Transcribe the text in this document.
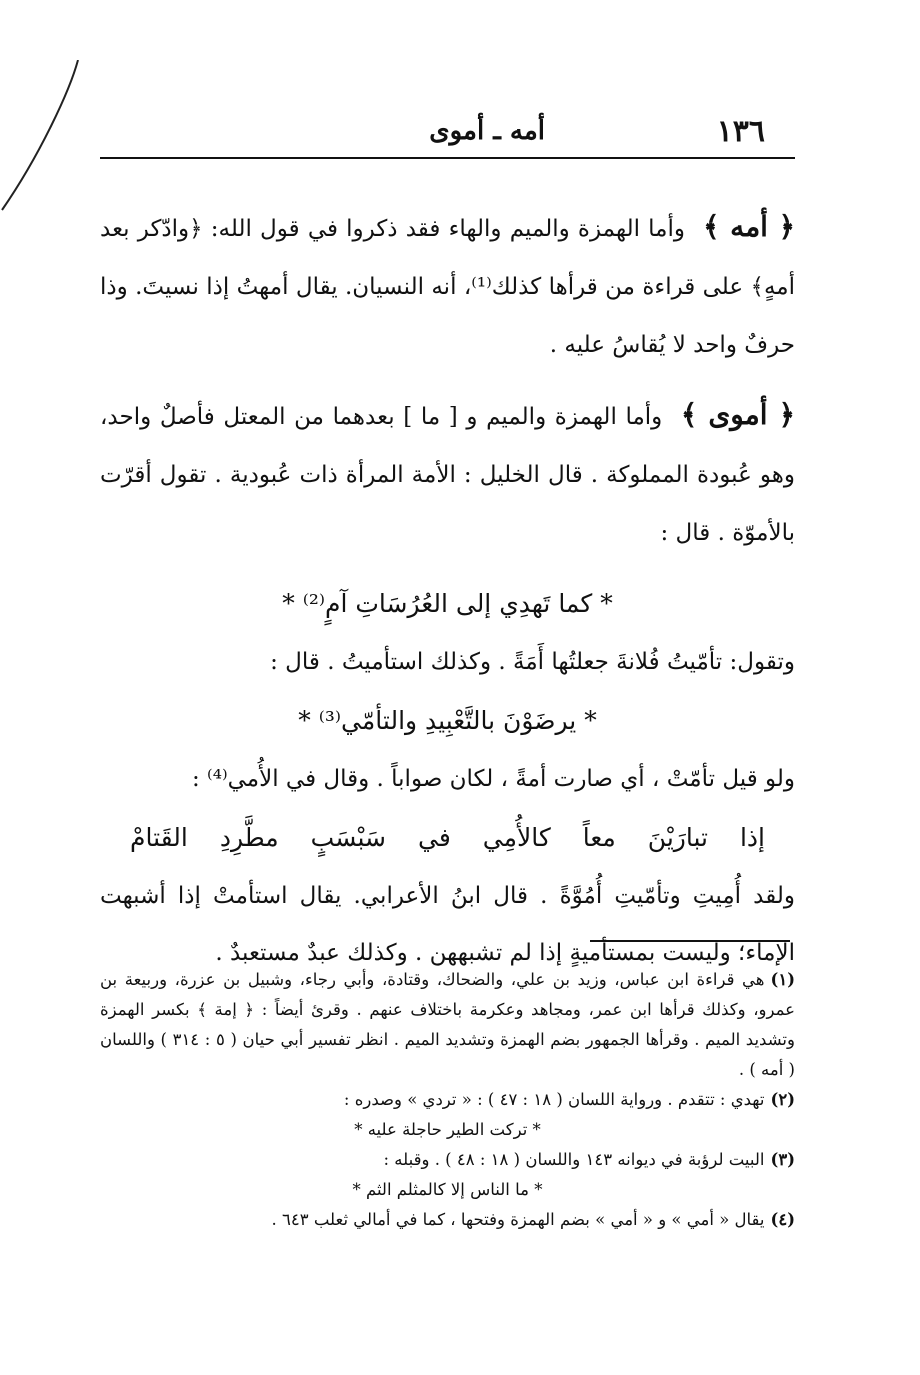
١٣٦
أمه ـ أموى

﴿ أمه ﴾ وأما الهمزة والميم والهاء فقد ذكروا في قول الله: ﴿وادّكر بعد أمهٍ﴾ على قراءة من قرأها كذلك⁽¹⁾، أنه النسيان. يقال أمهتُ إذا نسيتَ. وذا حرفٌ واحد لا يُقاسُ عليه .

﴿ أموى ﴾ وأما الهمزة والميم و [ ما ] بعدهما من المعتل فأصلٌ واحد، وهو عُبودة المملوكة . قال الخليل : الأمة المرأة ذات عُبودية . تقول أقرّت بالأموّة . قال :

* كما تَهدِي إلى العُرُسَاتِ آمٍ⁽²⁾ *

وتقول: تأمّيتُ فُلانةَ جعلتُها أَمَةً . وكذلك استأميتُ . قال :

* يرضَوْنَ بالتَّعْبِيدِ والتأمّي⁽³⁾ *

ولو قيل تأمّتْ ، أي صارت أمةً ، لكان صواباً . وقال في الأُمي⁽⁴⁾ :

إذا تبارَيْنَ معاً كالأُمِي في سَبْسَبٍ مطَّرِدِ القَتامْ

ولقد أُمِيتِ وتأمّيتِ أُمُوَّةً . قال ابنُ الأعرابي. يقال استأمتْ إذا أشبهت الإماء؛ وليست بمستأميةٍ إذا لم تشبههن . وكذلك عبدٌ مستعبدٌ .

(١)هي قراءة ابن عباس، وزيد بن علي، والضحاك، وقتادة، وأبي رجاء، وشبيل بن عزرة، وربيعة بن عمرو، وكذلك قرأها ابن عمر، ومجاهد وعكرمة باختلاف عنهم . وقرئ أيضاً : ﴿ إمة ﴾ بكسر الهمزة وتشديد الميم . وقرأها الجمهور بضم الهمزة وتشديد الميم . انظر تفسير أبي حيان ( ٥ : ٣١٤ ) واللسان ( أمه ) .

(٢)تهدي : تتقدم . ورواية اللسان ( ١٨ : ٤٧ ) : « تردي » وصدره :

* تركت الطير حاجلة عليه *

(٣)البيت لرؤبة في ديوانه ١٤٣ واللسان ( ١٨ : ٤٨ ) . وقبله :

* ما الناس إلا كالمثلم الثم *

(٤)يقال « أمي » و « أمي » بضم الهمزة وفتحها ، كما في أمالي ثعلب ٦٤٣ .
